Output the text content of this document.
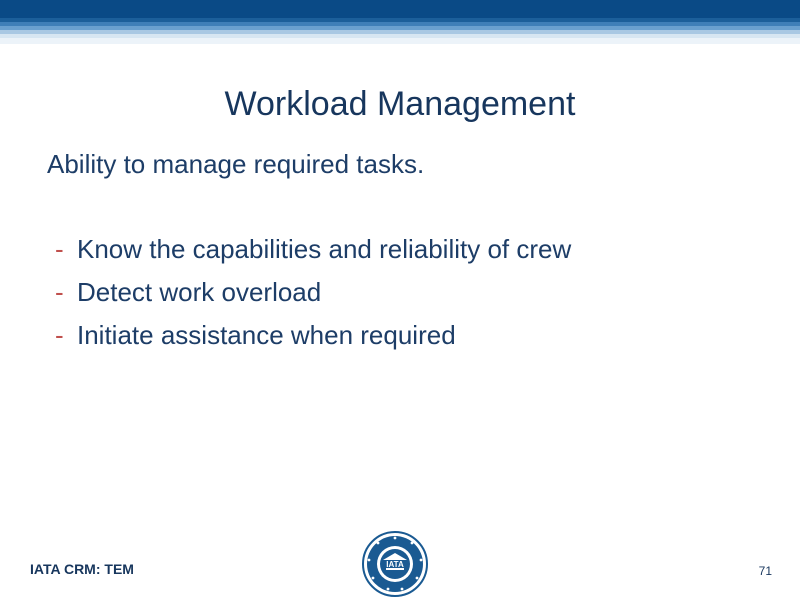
Workload Management

Ability to manage required tasks.

- Know the capabilities and reliability of crew
- Detect work overload
- Initiate assistance when required
IATA CRM: TEM	IATA	71
